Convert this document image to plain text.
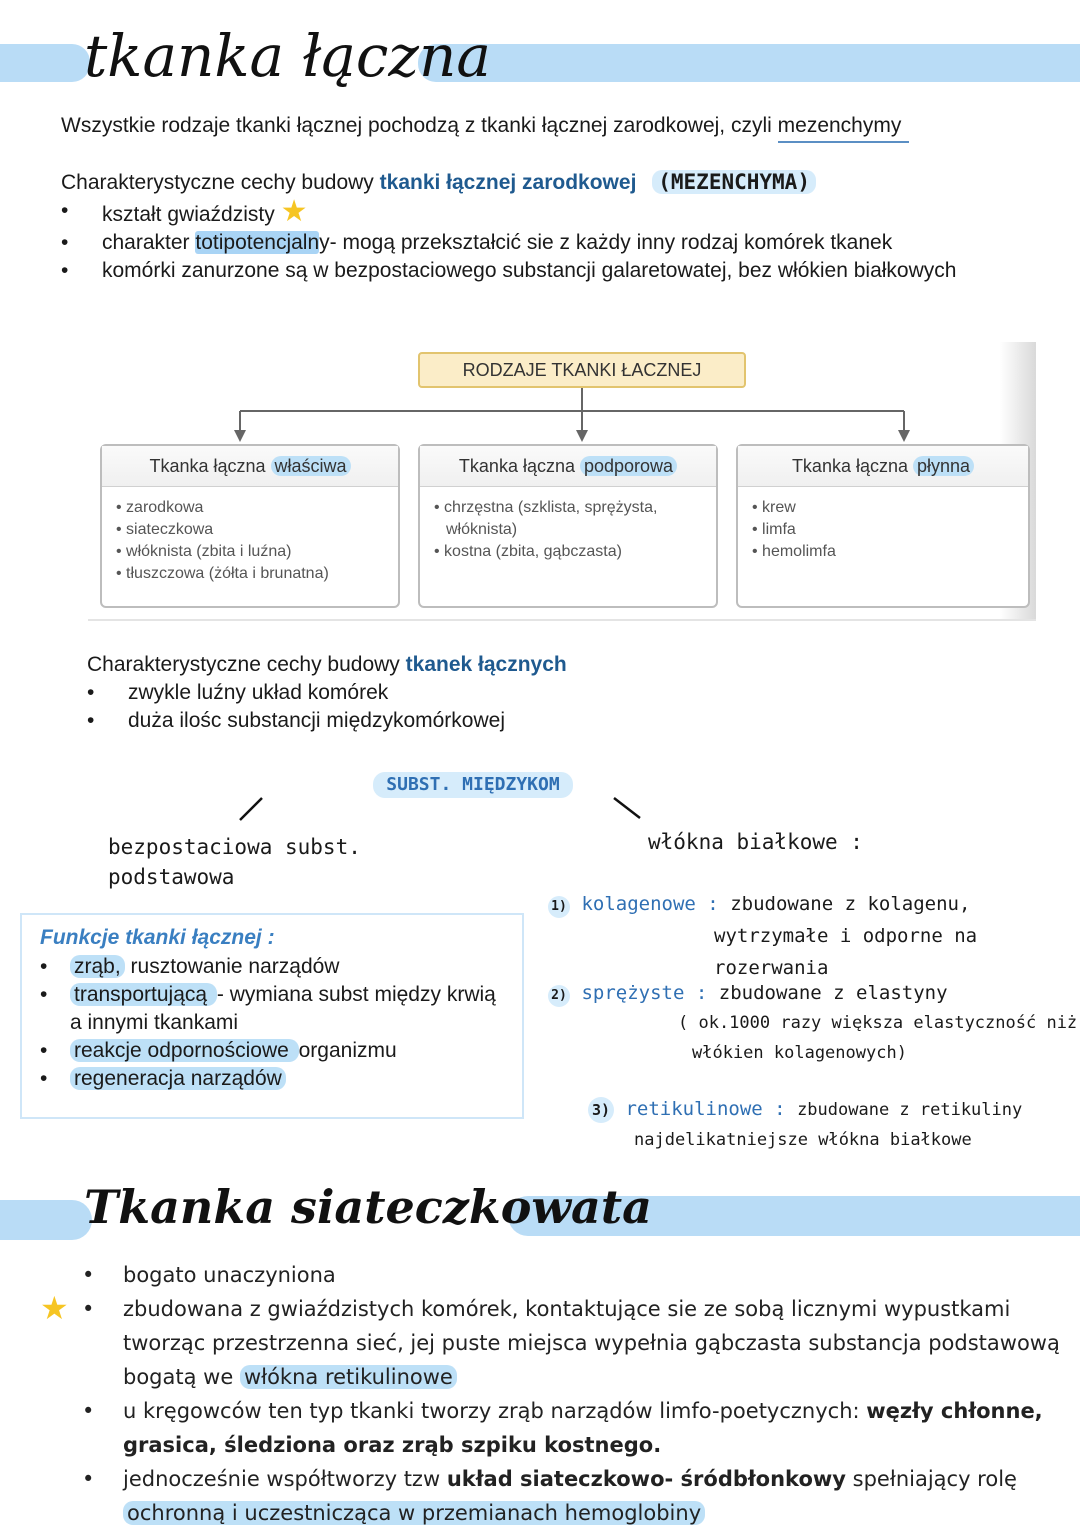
tkanka łączna
Wszystkie rodzaje tkanki łącznej pochodzą z tkanki łącznej zarodkowej, czyli mezenchymy
Charakterystyczne cechy budowy tkanki łącznej zarodkowej (MEZENCHYMA)
• kształt gwiaździsty ★
• charakter totipotencjalny- mogą przekształcić sie z każdy inny rodzaj komórek tkanek
• komórki zanurzone są w bezpostaciowego substancji galaretowatej, bez włókien białkowych
RODZAJE TKANKI ŁACZNEJ
Tkanka łączna właściwa
• zarodkowa
• siateczkowa
• włóknista (zbita i luźna)
• tłuszczowa (żółta i brunatna)
Tkanka łączna podporowa
• chrzęstna (szklista, sprężysta, włóknista)
• kostna (zbita, gąbczasta)
Tkanka łączna płynna
• krew
• limfa
• hemolimfa
Charakterystyczne cechy budowy tkanek łącznych
• zwykle luźny układ komórek
• duża ilośc substancji międzykomórkowej
SUBST. MIĘDZYKOM
bezpostaciowa subst.
podstawowa
włókna białkowe :
1) kolagenowe : zbudowane z kolagenu,
wytrzymałe i odporne na rozerwania
2) sprężyste : zbudowane z elastyny
( ok.1000 razy większa elastyczność niż
włókien kolagenowych)
3) retikulinowe : zbudowane z retikuliny
najdelikatniejsze włókna białkowe
Funkcje tkanki łącznej :
• zrąb, rusztowanie narządów
• transportującą - wymiana subst między krwią a innymi tkankami
• reakcje odpornościowe organizmu
• regeneracja narządów
Tkanka siateczkowata
★
• bogato unaczyniona
• zbudowana z gwiaździstych komórek, kontaktujące sie ze sobą licznymi wypustkami tworząc przestrzenna sieć, jej puste miejsca wypełnia gąbczasta substancja podstawową bogatą we włókna retikulinowe
• u kręgowców ten typ tkanki tworzy zrąb narządów limfo-poetycznych: węzły chłonne, grasica, śledziona oraz zrąb szpiku kostnego.
• jednocześnie współtworzy tzw układ siateczkowo- śródbłonkowy spełniający rolę ochronną i uczestnicząca w przemianach hemoglobiny
